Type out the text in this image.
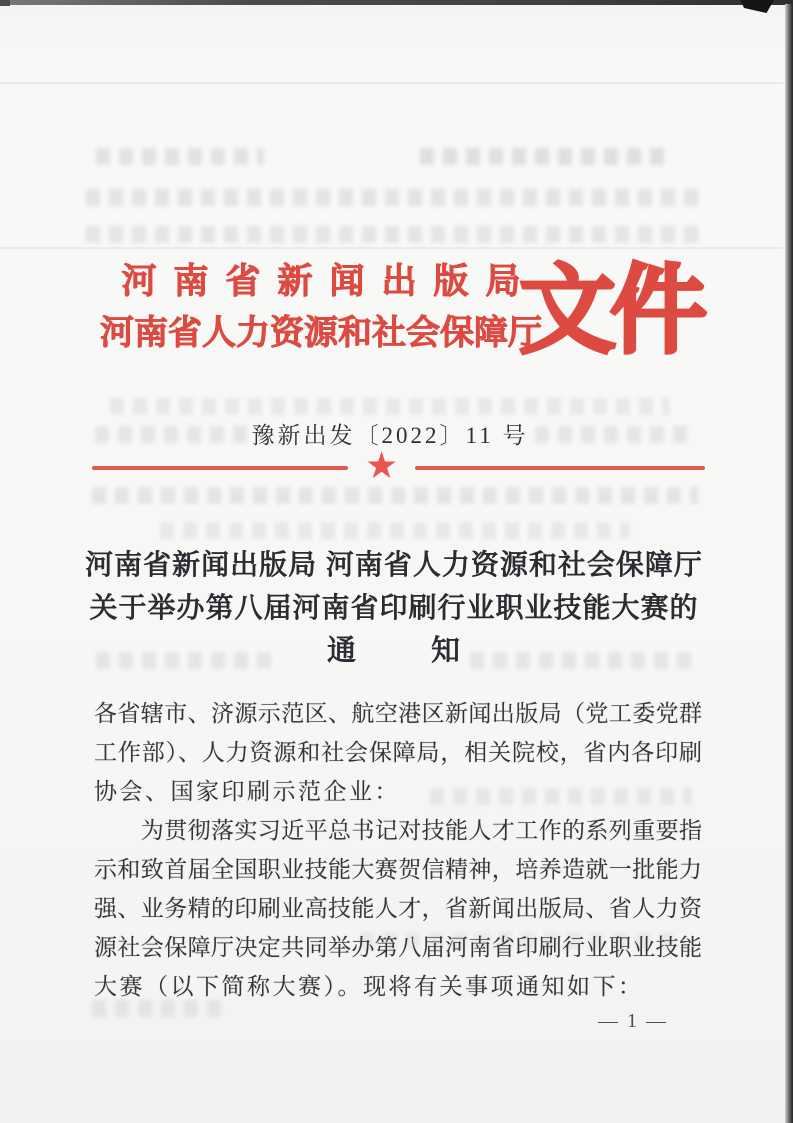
河南省新闻出版局
河南省人力资源和社会保障厅
文件
豫新出发〔2022〕11 号
★
河南省新闻出版局 河南省人力资源和社会保障厅
关于举办第八届河南省印刷行业职业技能大赛的
通	知
各省辖市、济源示范区、航空港区新闻出版局（党工委党群
工作部）、人力资源和社会保障局，相关院校，省内各印刷
协会、国家印刷示范企业：
　　为贯彻落实习近平总书记对技能人才工作的系列重要指
示和致首届全国职业技能大赛贺信精神，培养造就一批能力
强、业务精的印刷业高技能人才，省新闻出版局、省人力资
源社会保障厅决定共同举办第八届河南省印刷行业职业技能
大赛（以下简称大赛）。现将有关事项通知如下：
— 1 —
